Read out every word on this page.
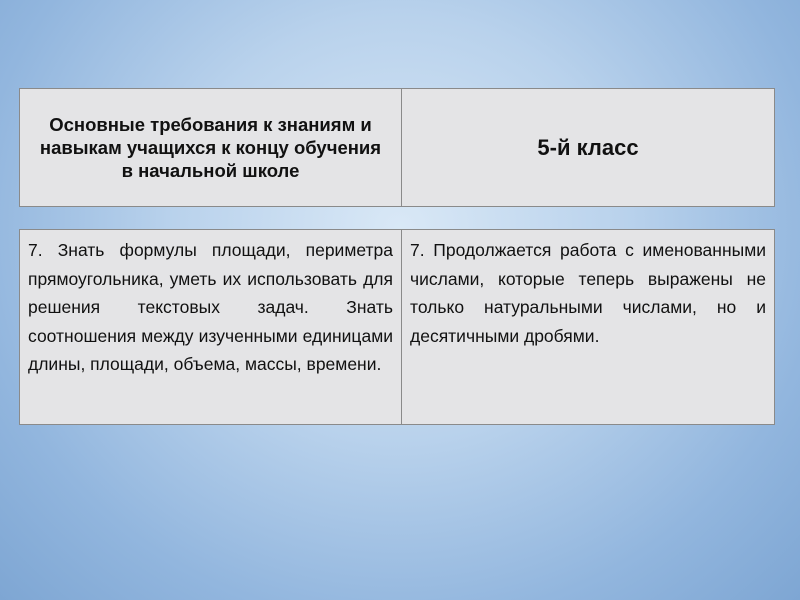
Основные требования к знаниям и навыкам учащихся к концу обучения в начальной школе
5-й класс
7. Знать формулы площади, периметра прямоугольника, уметь их использовать для решения текстовых задач. Знать соотношения между изученными единицами длины, площади, объема, массы, времени.
7. Продолжается работа с именованными числами, которые теперь выражены не только натуральными числами, но и десятичными дробями.
